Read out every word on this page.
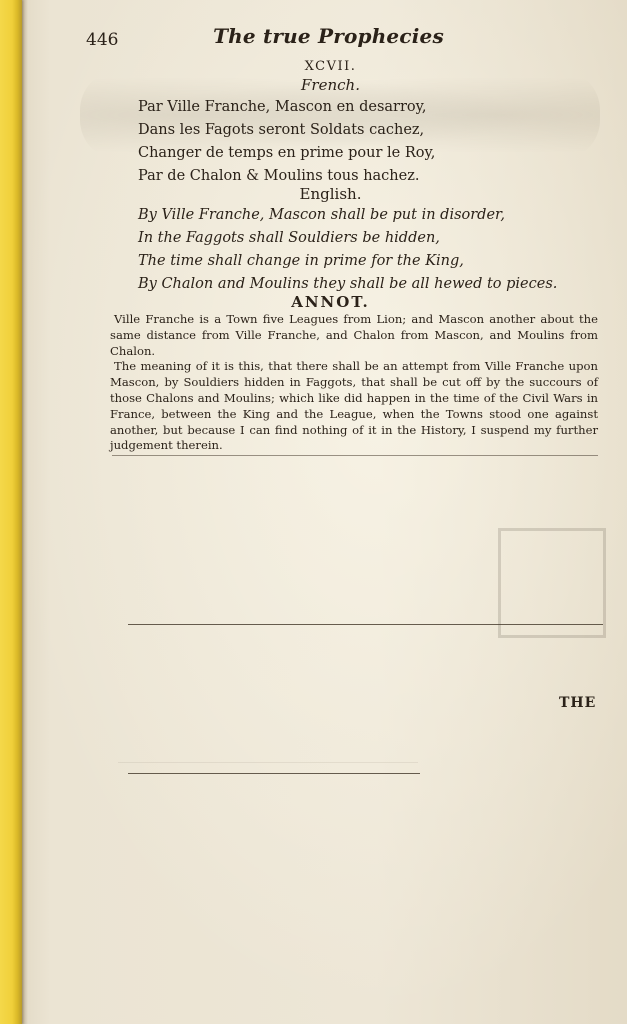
446	The true Prophecies
XCVII.
French.
Par Ville Franche, Mascon en desarroy,
Dans les Fagots seront Soldats cachez,
Changer de temps en prime pour le Roy,
Par de Chalon & Moulins tous hachez.
English.
By Ville Franche, Mascon shall be put in disorder,
In the Faggots shall Souldiers be hidden,
The time shall change in prime for the King,
By Chalon and Moulins they shall be all hewed to pieces.
ANNOT.

Ville Franche is a Town five Leagues from Lion; and Mascon another about the same distance from Ville Franche, and Chalon from Mascon, and Moulins from Chalon.

The meaning of it is this, that there shall be an attempt from Ville Franche upon Mascon, by Souldiers hidden in Faggots, that shall be cut off by the succours of those Chalons and Moulins; which like did happen in the time of the Civil Wars in France, between the King and the League, when the Towns stood one against another, but because I can find nothing of it in the History, I suspend my further judgement therein.

THE
